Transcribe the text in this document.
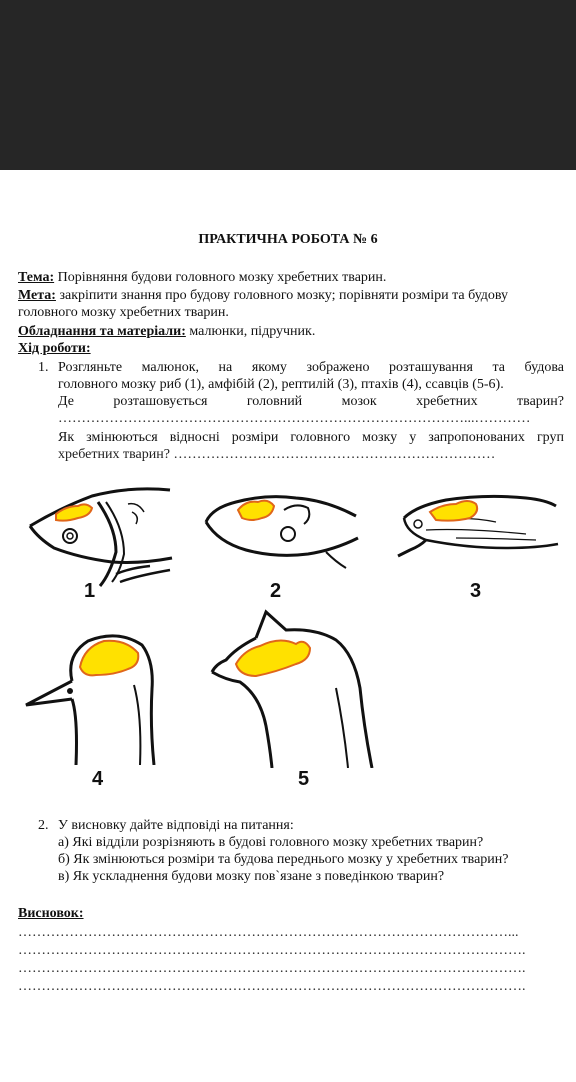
ПРАКТИЧНА РОБОТА № 6
Тема: Порівняння будови головного мозку хребетних тварин.
Мета: закріпити знання про будову головного мозку; порівняти розміри та будову
головного мозку хребетних тварин.
Обладнання та матеріали: малюнки, підручник.
Хід роботи:
1. Розгляньте малюнок, на якому зображено розташування та будова
головного мозку риб (1), амфібій (2), рептилій (3), птахів (4), ссавців (5-6).
Де розташовується головний мозок хребетних тварин?
……………………………………………………………………………...…………
Як змінюються відносні розміри головного мозку у запропонованих груп
хребетних тварин? ……………………………………………………………
1	2	3
4	5
2. У висновку дайте відповіді на питання:
а) Які відділи розрізняють в будові головного мозку хребетних тварин?
б) Як змінюються розміри та будова переднього мозку у хребетних тварин?
в) Як ускладнення будови мозку пов`язане з поведінкою тварин?
Висновок:
……………………………………………………………………………………………...
……………………………………………………………………………………………….
……………………………………………………………………………………………….
……………………………………………………………………………………………….
